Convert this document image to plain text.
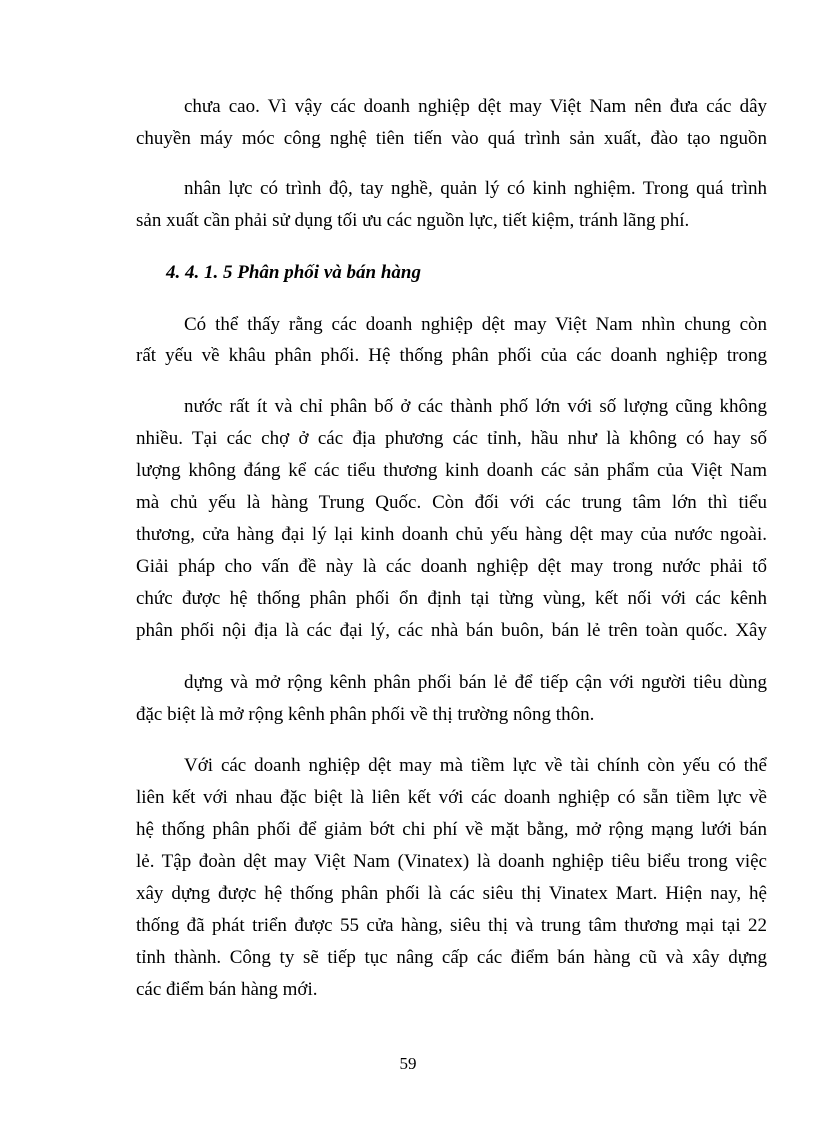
chưa cao. Vì vậy các doanh nghiệp dệt may Việt Nam nên đưa các dây
chuyền máy móc công nghệ tiên tiến vào quá trình sản xuất, đào tạo nguồn
nhân lực có trình độ, tay nghề, quản lý có kinh nghiệm. Trong quá trình
sản xuất cần phải sử dụng tối ưu các nguồn lực, tiết kiệm, tránh lãng phí.
4. 4. 1. 5 Phân phối và bán hàng
Có thể thấy rằng các doanh nghiệp dệt may Việt Nam nhìn chung còn
rất yếu về khâu phân phối. Hệ thống phân phối của các doanh nghiệp trong
nước rất ít và chỉ phân bố ở các thành phố lớn với số lượng cũng không
nhiều. Tại các chợ ở các địa phương các tỉnh, hầu như là không có hay số
lượng không đáng kể các tiểu thương kinh doanh các sản phẩm của Việt Nam
mà chủ yếu là hàng Trung Quốc. Còn đối với các trung tâm lớn thì tiểu
thương, cửa hàng đại lý lại kinh doanh chủ yếu hàng dệt may của nước ngoài.
Giải pháp cho vấn đề này là các doanh nghiệp dệt may trong nước phải tổ
chức được hệ thống phân phối ổn định tại từng vùng, kết nối với các kênh
phân phối nội địa là các đại lý, các nhà bán buôn, bán lẻ trên toàn quốc. Xây
dựng và mở rộng kênh phân phối bán lẻ để tiếp cận với người tiêu dùng
đặc biệt là mở rộng kênh phân phối về thị trường nông thôn.
Với các doanh nghiệp dệt may mà tiềm lực về tài chính còn yếu có thể
liên kết với nhau đặc biệt là liên kết với các doanh nghiệp có sẵn tiềm lực về
hệ thống phân phối để giảm bớt chi phí về mặt bằng, mở rộng mạng lưới bán
lẻ. Tập đoàn dệt may Việt Nam (Vinatex) là doanh nghiệp tiêu biểu trong việc
xây dựng được hệ thống phân phối là các siêu thị Vinatex Mart. Hiện nay, hệ
thống đã phát triển được 55 cửa hàng, siêu thị và trung tâm thương mại tại 22
tỉnh thành. Công ty sẽ tiếp tục nâng cấp các điểm bán hàng cũ và xây dựng
các điểm bán hàng mới.
59
